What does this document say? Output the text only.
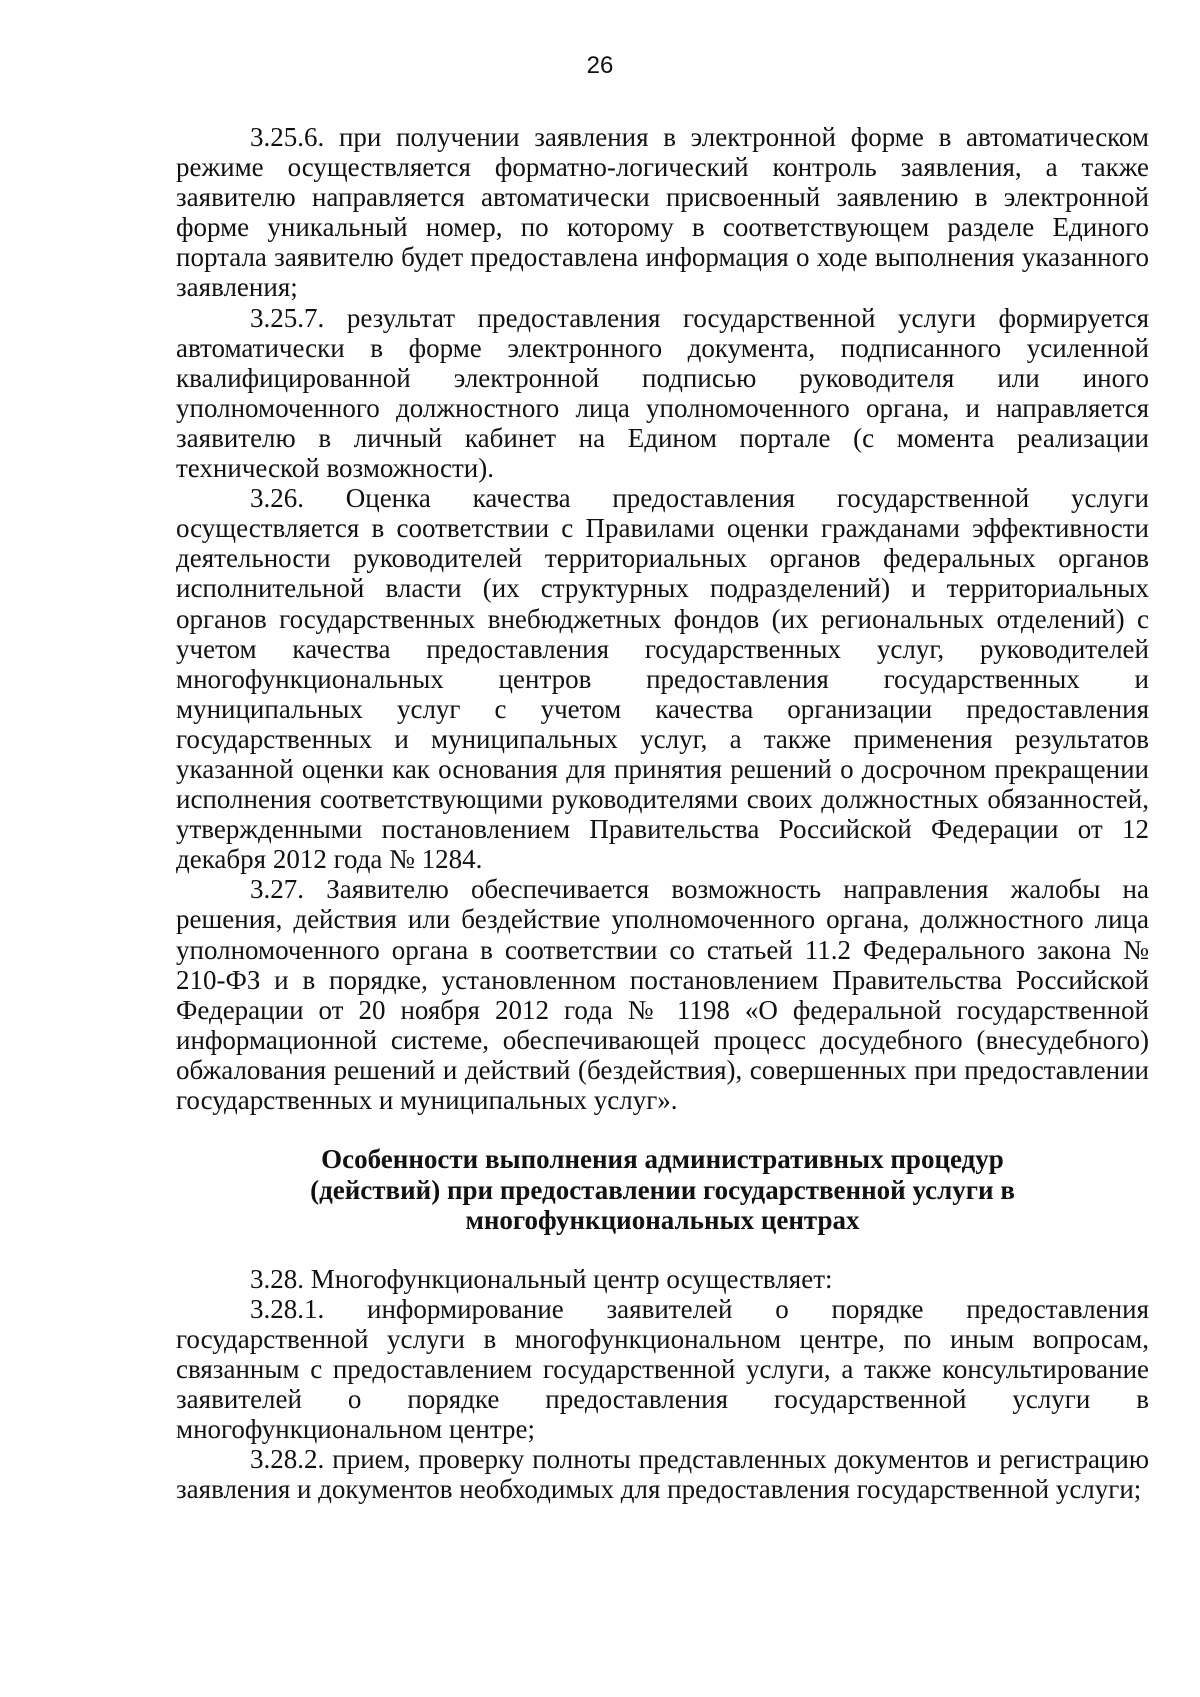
26

3.25.6. при получении заявления в электронной форме в автоматическом режиме осуществляется форматно-логический контроль заявления, а также заявителю направляется автоматически присвоенный заявлению в электронной форме уникальный номер, по которому в соответствующем разделе Единого портала заявителю будет предоставлена информация о ходе выполнения указанного заявления;

3.25.7. результат предоставления государственной услуги формируется автоматически в форме электронного документа, подписанного усиленной квалифицированной электронной подписью руководителя или иного уполномоченного должностного лица уполномоченного органа, и направляется заявителю в личный кабинет на Едином портале (с момента реализации технической возможности).

3.26. Оценка качества предоставления государственной услуги осуществляется в соответствии с Правилами оценки гражданами эффективности деятельности руководителей территориальных органов федеральных органов исполнительной власти (их структурных подразделений) и территориальных органов государственных внебюджетных фондов (их региональных отделений) с учетом качества предоставления государственных услуг, руководителей многофункциональных центров предоставления государственных и муниципальных услуг с учетом качества организации предоставления государственных и муниципальных услуг, а также применения результатов указанной оценки как основания для принятия решений о досрочном прекращении исполнения соответствующими руководителями своих должностных обязанностей, утвержденными постановлением Правительства Российской Федерации от 12 декабря 2012 года № 1284.

3.27. Заявителю обеспечивается возможность направления жалобы на решения, действия или бездействие уполномоченного органа, должностного лица уполномоченного органа в соответствии со статьей 11.2 Федерального закона № 210-ФЗ и в порядке, установленном постановлением Правительства Российской Федерации от 20 ноября 2012 года № 1198 «О федеральной государственной информационной системе, обеспечивающей процесс досудебного (внесудебного) обжалования решений и действий (бездействия), совершенных при предоставлении государственных и муниципальных услуг».

Особенности выполнения административных процедур
(действий) при предоставлении государственной услуги в
многофункциональных центрах

3.28. Многофункциональный центр осуществляет:

3.28.1. информирование заявителей о порядке предоставления государственной услуги в многофункциональном центре, по иным вопросам, связанным с предоставлением государственной услуги, а также консультирование заявителей о порядке предоставления государственной услуги в многофункциональном центре;

3.28.2. прием, проверку полноты представленных документов и регистрацию заявления и документов необходимых для предоставления государственной услуги;
